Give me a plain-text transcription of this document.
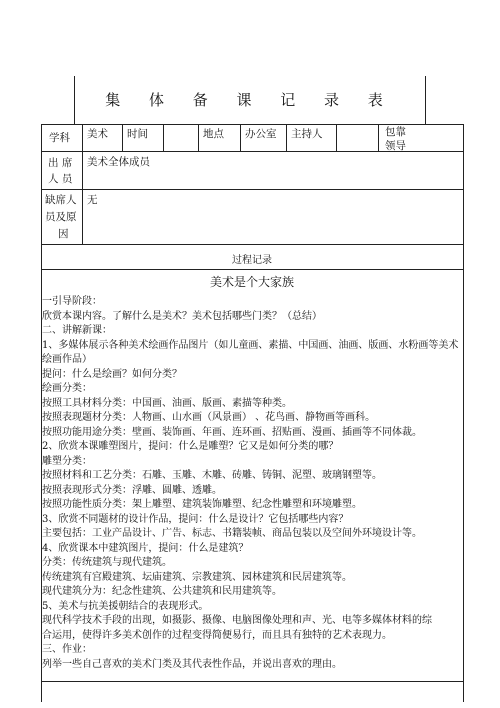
集 体 备 课 记 录 表
学科 美术 时间	地点 办公室 主持人	包靠
领导
出 席
人 员
美术全体成员
缺席人
员及原
因
无
过程记录
美术是个大家族
一引导阶段：
欣赏本课内容。了解什么是美术？美术包括哪些门类？（总结）
二、讲解新课：
1、多媒体展示各种美术绘画作品图片（如儿童画、素描、中国画、油画、版画、水粉画等美术
绘画作品）
提问：什么是绘画？如何分类？
绘画分类：
按照工具材料分类：中国画、油画、版画、素描等种类。
按照表现题材分类：人物画、山水画（风景画） 、花鸟画、静物画等画科。
按照功能用途分类：壁画、装饰画、年画、连环画、招贴画、漫画、插画等不同体裁。
2、欣赏本课雕塑图片，提问：什么是雕塑？它又是如何分类的哪？
雕塑分类：
按照材料和工艺分类：石雕、玉雕、木雕、砖雕、铸铜、泥塑、玻璃钢塑等。
按照表现形式分类：浮雕、圆雕、透雕。
按照功能性质分类：架上雕塑、建筑装饰雕塑、纪念性雕塑和环境雕塑。
3、欣赏不同题材的设计作品，提问：什么是设计？它包括哪些内容？
主要包括：工业产品设计、广告、标志、书籍装帧、商品包装以及空间外环境设计等。
4、欣赏课本中建筑图片，提问：什么是建筑？
分类：传统建筑与现代建筑。
传统建筑有宫殿建筑、坛庙建筑、宗教建筑、园林建筑和民居建筑等。
现代建筑分为：纪念性建筑、公共建筑和民用建筑等。
5、美术与抗美援朝结合的表现形式。
现代科学技术手段的出现，如摄影、摄像、电脑图像处理和声、光、电等多媒体材料的综
合运用，使得许多美术创作的过程变得简便易行，而且具有独特的艺术表现力。
三、作业：
列举一些自己喜欢的美术门类及其代表性作品，并说出喜欢的理由。
